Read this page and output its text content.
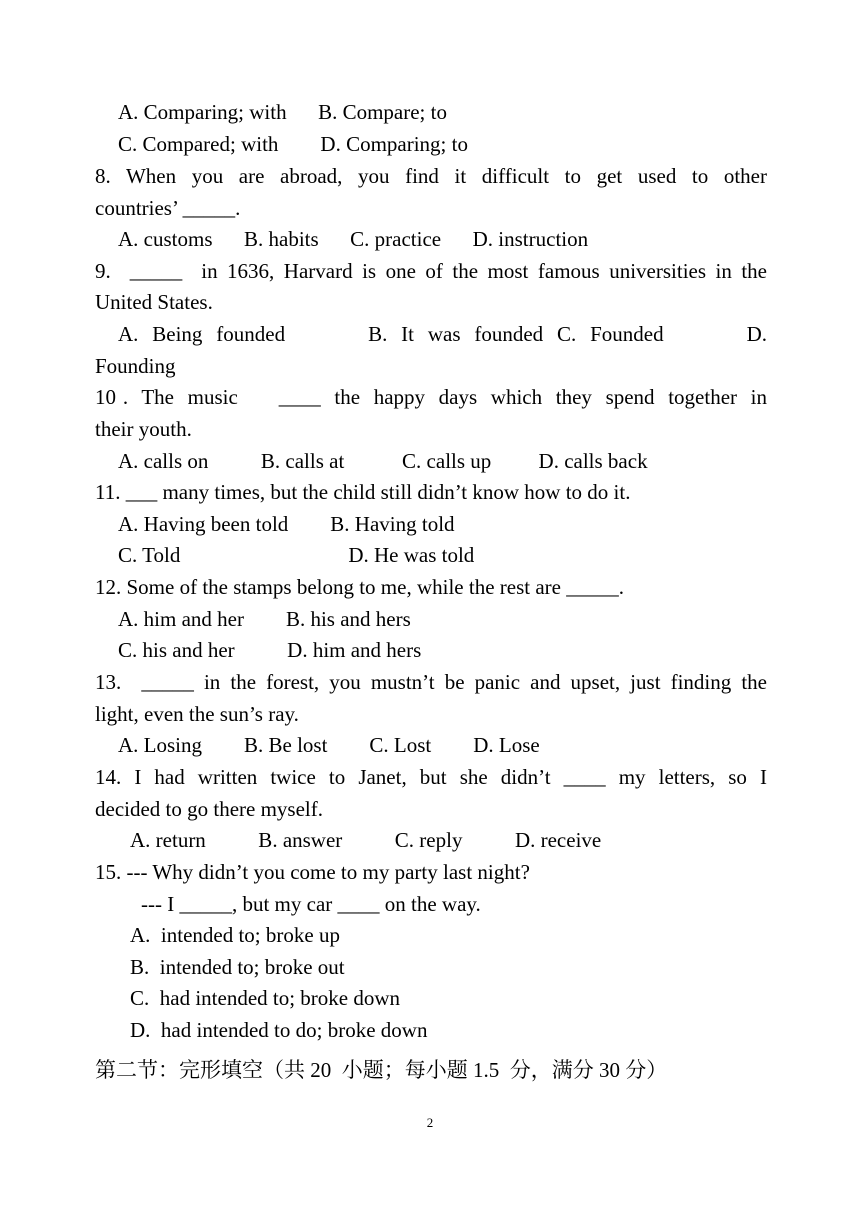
A. Comparing; with      B. Compare; to
C. Compared; with        D. Comparing; to
8.  When  you  are  abroad,  you  find  it  difficult  to  get  used  to  other
countries’ _____.
A. customs      B. habits      C. practice      D. instruction
9.  _____  in 1636, Harvard is one of the most famous universities in the
United States.
A.  Being  founded            B.  It  was  founded  C.  Founded            D.
Founding
10 .  The  music      ____  the  happy  days  which  they  spend  together  in
their youth.
A. calls on          B. calls at           C. calls up         D. calls back
11. ___ many times, but the child still didn’t know how to do it.
A. Having been told        B. Having told
C. Told                                D. He was told
12. Some of the stamps belong to me, while the rest are _____.
A. him and her        B. his and hers
C. his and her          D. him and hers
13.  _____ in the forest, you mustn’t be panic and upset, just finding the
light, even the sun’s ray.
A. Losing        B. Be lost        C. Lost        D. Lose
14.  I  had  written  twice  to  Janet,  but  she  didn’t  ____  my  letters,  so  I
decided to go there myself.
A. return          B. answer          C. reply          D. receive
15. --- Why didn’t you come to my party last night?
--- I _____, but my car ____ on the way.
A.  intended to; broke up
B.  intended to; broke out
C.  had intended to; broke down
D.  had intended to do; broke down
第二节：完形填空（共 20  小题；每小题 1.5  分，满分 30 分）
2
